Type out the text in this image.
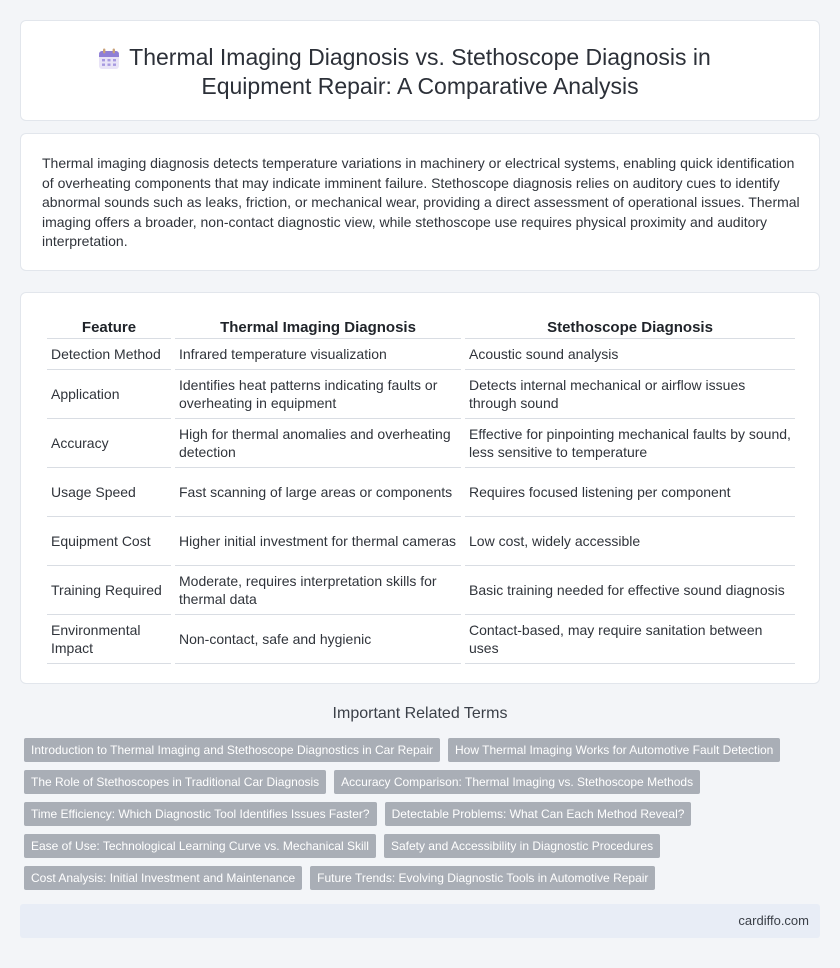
Thermal Imaging Diagnosis vs. Stethoscope Diagnosis in
Equipment Repair: A Comparative Analysis

Thermal imaging diagnosis detects temperature variations in machinery or electrical systems, enabling quick identification of overheating components that may indicate imminent failure. Stethoscope diagnosis relies on auditory cues to identify abnormal sounds such as leaks, friction, or mechanical wear, providing a direct assessment of operational issues. Thermal imaging offers a broader, non-contact diagnostic view, while stethoscope use requires physical proximity and auditory interpretation.

Feature	Thermal Imaging Diagnosis	Stethoscope Diagnosis
Detection Method	Infrared temperature visualization	Acoustic sound analysis
Application	Identifies heat patterns indicating faults or overheating in equipment	Detects internal mechanical or airflow issues through sound
Accuracy	High for thermal anomalies and overheating detection	Effective for pinpointing mechanical faults by sound, less sensitive to temperature
Usage Speed	Fast scanning of large areas or components	Requires focused listening per component
Equipment Cost	Higher initial investment for thermal cameras	Low cost, widely accessible
Training Required	Moderate, requires interpretation skills for thermal data	Basic training needed for effective sound diagnosis
Environmental Impact	Non-contact, safe and hygienic	Contact-based, may require sanitation between uses
Important Related Terms
Introduction to Thermal Imaging and Stethoscope Diagnostics in Car Repair	How Thermal Imaging Works for Automotive Fault Detection
The Role of Stethoscopes in Traditional Car Diagnosis	Accuracy Comparison: Thermal Imaging vs. Stethoscope Methods
Time Efficiency: Which Diagnostic Tool Identifies Issues Faster?	Detectable Problems: What Can Each Method Reveal?
Ease of Use: Technological Learning Curve vs. Mechanical Skill	Safety and Accessibility in Diagnostic Procedures
Cost Analysis: Initial Investment and Maintenance	Future Trends: Evolving Diagnostic Tools in Automotive Repair
cardiffo.com
